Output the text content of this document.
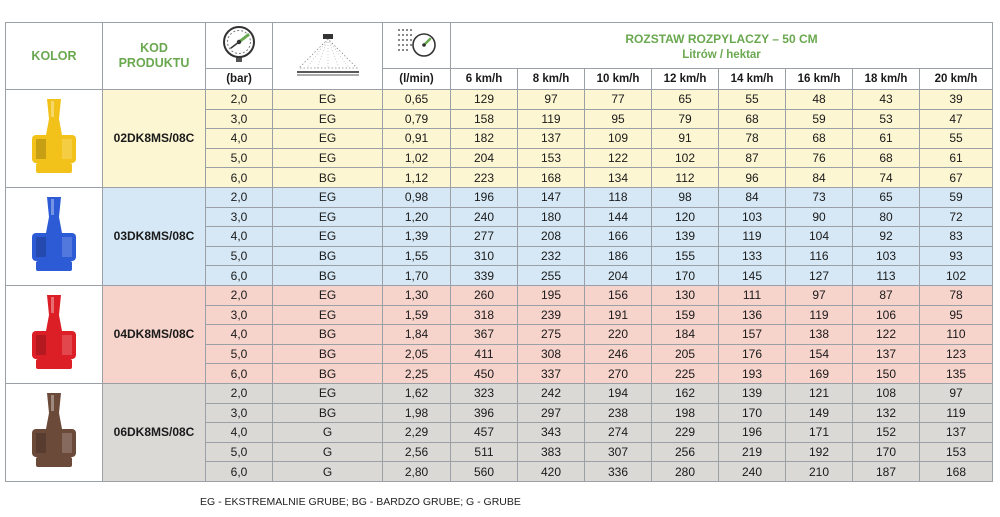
KOLOR	KOD
PRODUKTU				ROZSTAW ROZPYLACZY – 50 CM
Litrów / hektar							

		(bar)		(l/min)	6 km/h	8 km/h	10 km/h	12 km/h	14 km/h	16 km/h	18 km/h	20 km/h
	02DK8MS/08C	2,0	EG	0,65	129	97	77	65	55	48	43	39
		3,0	EG	0,79	158	119	95	79	68	59	53	47
		4,0	EG	0,91	182	137	109	91	78	68	61	55
		5,0	EG	1,02	204	153	122	102	87	76	68	61
		6,0	BG	1,12	223	168	134	112	96	84	74	67
	03DK8MS/08C	2,0	EG	0,98	196	147	118	98	84	73	65	59
		3,0	EG	1,20	240	180	144	120	103	90	80	72
		4,0	EG	1,39	277	208	166	139	119	104	92	83
		5,0	BG	1,55	310	232	186	155	133	116	103	93
		6,0	BG	1,70	339	255	204	170	145	127	113	102
	04DK8MS/08C	2,0	EG	1,30	260	195	156	130	111	97	87	78
		3,0	EG	1,59	318	239	191	159	136	119	106	95
		4,0	BG	1,84	367	275	220	184	157	138	122	110
		5,0	BG	2,05	411	308	246	205	176	154	137	123
		6,0	BG	2,25	450	337	270	225	193	169	150	135
	06DK8MS/08C	2,0	EG	1,62	323	242	194	162	139	121	108	97
		3,0	BG	1,98	396	297	238	198	170	149	132	119
		4,0	G	2,29	457	343	274	229	196	171	152	137
		5,0	G	2,56	511	383	307	256	219	192	170	153
		6,0	G	2,80	560	420	336	280	240	210	187	168
EG - EKSTREMALNIE GRUBE; BG - BARDZO GRUBE; G - GRUBE
